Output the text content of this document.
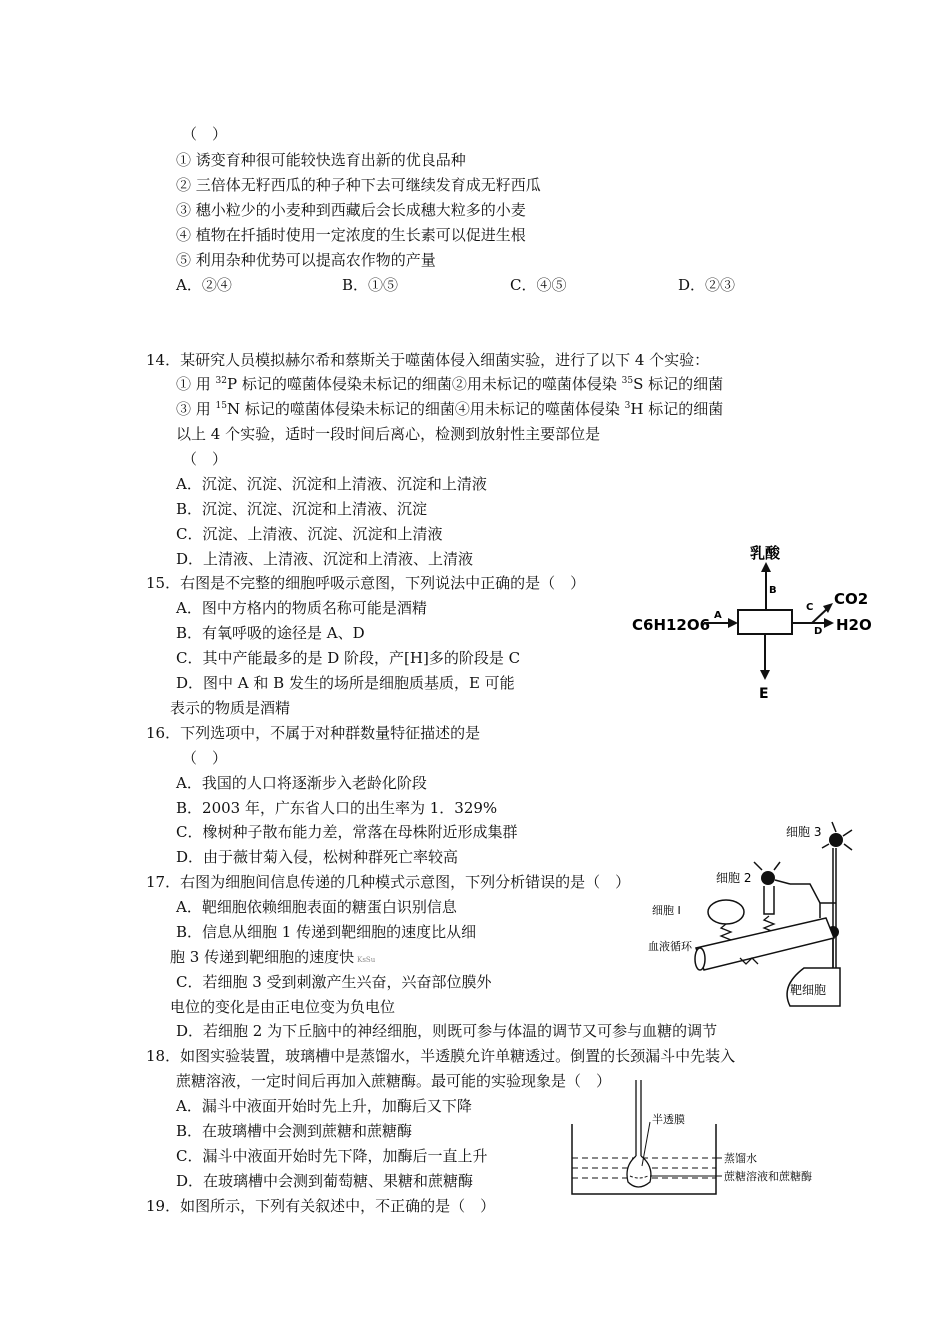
（　）
① 诱变育种很可能较快选育出新的优良品种
② 三倍体无籽西瓜的种子种下去可继续发育成无籽西瓜
③ 穗小粒少的小麦种到西藏后会长成穗大粒多的小麦
④ 植物在扦插时使用一定浓度的生长素可以促进生根
⑤ 利用杂种优势可以提高农作物的产量
A．②④	B．①⑤	C．④⑤	D．②③
14．某研究人员模拟赫尔希和蔡斯关于噬菌体侵入细菌实验，进行了以下 4 个实验：
① 用 $^{32}$P 标记的噬菌体侵染未标记的细菌②用未标记的噬菌体侵染 $^{35}$S 标记的细菌
③ 用 $^{15}$N 标记的噬菌体侵染未标记的细菌④用未标记的噬菌体侵染 $^3$H 标记的细菌
以上 4 个实验，适时一段时间后离心，检测到放射性主要部位是
（　）
A．沉淀、沉淀、沉淀和上清液、沉淀和上清液
B．沉淀、沉淀、沉淀和上清液、沉淀
C．沉淀、上清液、沉淀、沉淀和上清液
D．上清液、上清液、沉淀和上清液、上清液
15．右图是不完整的细胞呼吸示意图，下列说法中正确的是（　）
A．图中方格内的物质名称可能是酒精
B．有氧呼吸的途径是 A、D
C．其中产能最多的是 D 阶段，产[H]多的阶段是 C
D．图中 A 和 B 发生的场所是细胞质基质，E 可能
表示的物质是酒精
乳酸
B
C6H12O6
A
C CO2
D H2O
E
16．下列选项中，不属于对种群数量特征描述的是
（　）
A．我国的人口将逐渐步入老龄化阶段
B．2003 年，广东省人口的出生率为 1．329%
C．橡树种子散布能力差，常落在母株附近形成集群
D．由于薇甘菊入侵，松树种群死亡率较高
17．右图为细胞间信息传递的几种模式示意图，下列分析错误的是（　）
A．靶细胞依赖细胞表面的糖蛋白识别信息
B．信息从细胞 1 传递到靶细胞的速度比从细
胞 3 传递到靶细胞的速度快 KsSu
C．若细胞 3 受到刺激产生兴奋，兴奋部位膜外
电位的变化是由正电位变为负电位
D．若细胞 2 为下丘脑中的神经细胞，则既可参与体温的调节又可参与血糖的调节
细胞 3
细胞 2
细胞 I
血液循环
靶细胞
18．如图实验装置，玻璃槽中是蒸馏水，半透膜允许单糖透过。倒置的长颈漏斗中先装入
蔗糖溶液，一定时间后再加入蔗糖酶。最可能的实验现象是（　）
A．漏斗中液面开始时先上升，加酶后又下降
B．在玻璃槽中会测到蔗糖和蔗糖酶
C．漏斗中液面开始时先下降，加酶后一直上升
D．在玻璃槽中会测到葡萄糖、果糖和蔗糖酶
半透膜
蒸馏水
蔗糖溶液和蔗糖酶
19．如图所示，下列有关叙述中，不正确的是（　）
